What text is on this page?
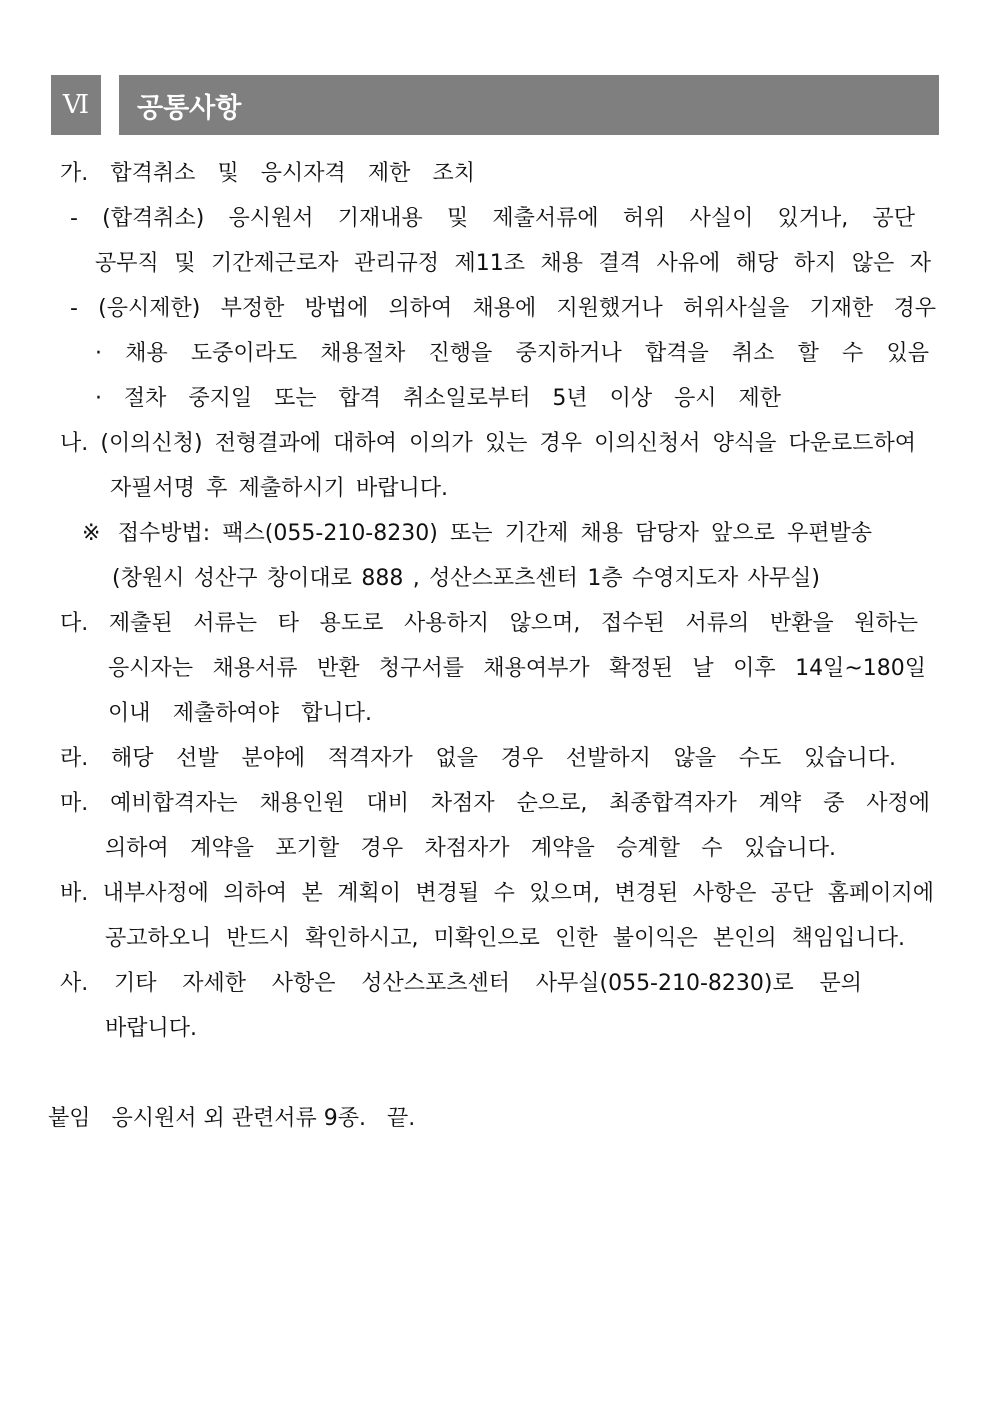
Ⅵ	공통사항
가. 합격취소 및 응시자격 제한 조치
- (합격취소) 응시원서 기재내용 및 제출서류에 허위 사실이 있거나, 공단
공무직 및 기간제근로자 관리규정 제11조 채용 결격 사유에 해당 하지 않은 자
- (응시제한) 부정한 방법에 의하여 채용에 지원했거나 허위사실을 기재한 경우
· 채용 도중이라도 채용절차 진행을 중지하거나 합격을 취소 할 수 있음
· 절차 중지일 또는 합격 취소일로부터 5년 이상 응시 제한
나. (이의신청) 전형결과에 대하여 이의가 있는 경우 이의신청서 양식을 다운로드하여
자필서명 후 제출하시기 바랍니다.
※ 접수방법: 팩스(055-210-8230) 또는 기간제 채용 담당자 앞으로 우편발송
(창원시 성산구 창이대로 888 , 성산스포츠센터 1층 수영지도자 사무실)
다. 제출된 서류는 타 용도로 사용하지 않으며, 접수된 서류의 반환을 원하는
응시자는 채용서류 반환 청구서를 채용여부가 확정된 날 이후 14일~180일
이내 제출하여야 합니다.
라. 해당 선발 분야에 적격자가 없을 경우 선발하지 않을 수도 있습니다.
마. 예비합격자는 채용인원 대비 차점자 순으로, 최종합격자가 계약 중 사정에
의하여 계약을 포기할 경우 차점자가 계약을 승계할 수 있습니다.
바. 내부사정에 의하여 본 계획이 변경될 수 있으며, 변경된 사항은 공단 홈페이지에
공고하오니 반드시 확인하시고, 미확인으로 인한 불이익은 본인의 책임입니다.
사. 기타 자세한 사항은 성산스포츠센터 사무실(055-210-8230)로 문의
바랍니다.
붙임   응시원서 외 관련서류 9종.   끝.
